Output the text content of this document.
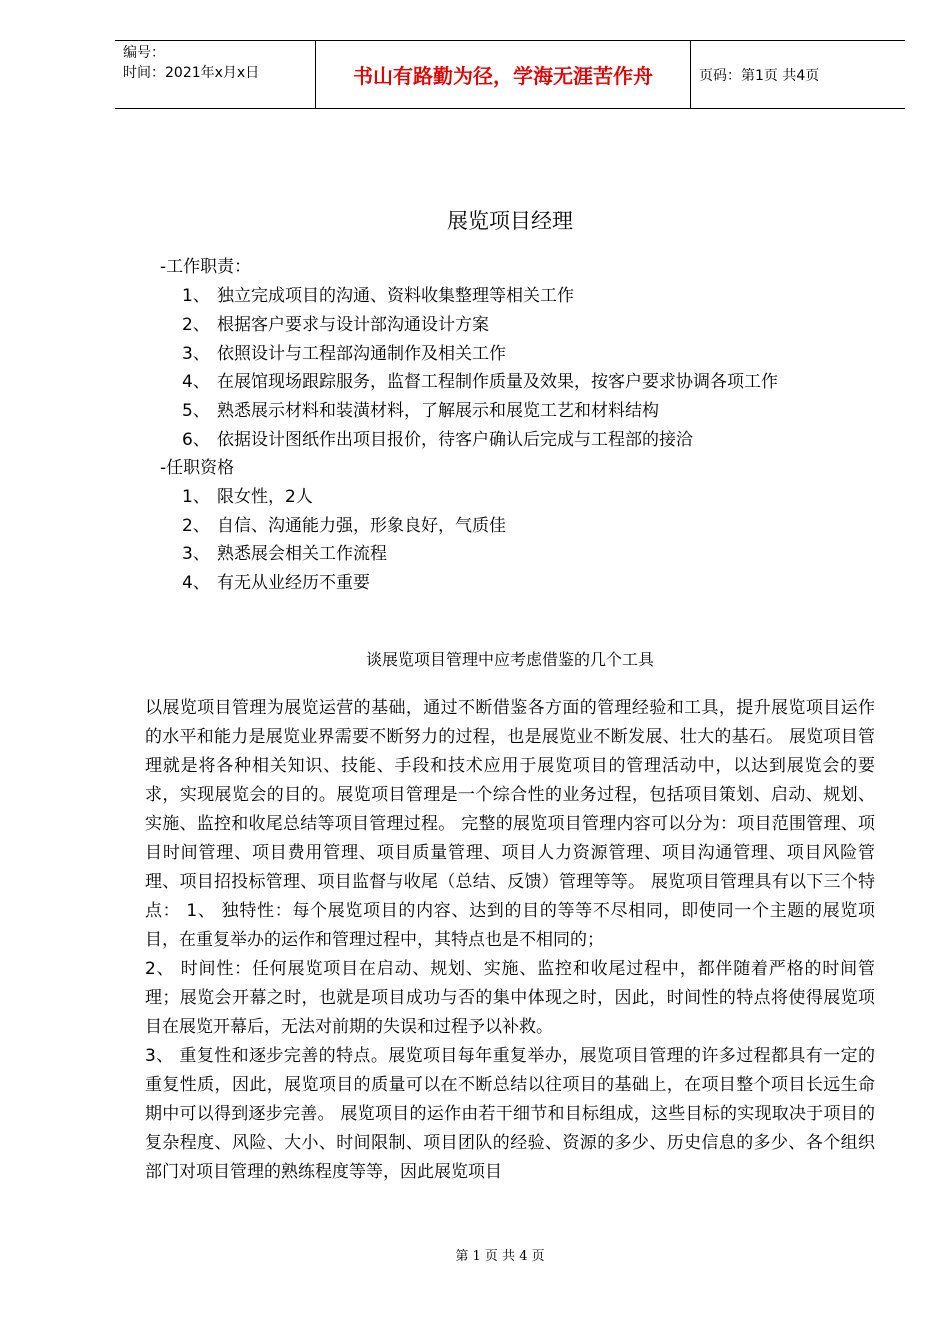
编号：
时间：2021年x月x日	书山有路勤为径，学海无涯苦作舟	页码：第1页 共4页
展览项目经理
-工作职责：
1、 独立完成项目的沟通、资料收集整理等相关工作
2、 根据客户要求与设计部沟通设计方案
3、 依照设计与工程部沟通制作及相关工作
4、 在展馆现场跟踪服务，监督工程制作质量及效果，按客户要求协调各项工作
5、 熟悉展示材料和装潢材料，了解展示和展览工艺和材料结构
6、 依据设计图纸作出项目报价，待客户确认后完成与工程部的接洽
-任职资格
1、 限女性，2人
2、 自信、沟通能力强，形象良好，气质佳
3、 熟悉展会相关工作流程
4、 有无从业经历不重要
谈展览项目管理中应考虑借鉴的几个工具

以展览项目管理为展览运营的基础，通过不断借鉴各方面的管理经验和工具，提升展览项目运作的水平和能力是展览业界需要不断努力的过程，也是展览业不断发展、壮大的基石。 展览项目管理就是将各种相关知识、技能、手段和技术应用于展览项目的管理活动中，以达到展览会的要求，实现展览会的目的。展览项目管理是一个综合性的业务过程，包括项目策划、启动、规划、实施、监控和收尾总结等项目管理过程。 完整的展览项目管理内容可以分为：项目范围管理、项目时间管理、项目费用管理、项目质量管理、项目人力资源管理、项目沟通管理、项目风险管理、项目招投标管理、项目监督与收尾（总结、反馈）管理等等。 展览项目管理具有以下三个特点： 1、 独特性：每个展览项目的内容、达到的目的等等不尽相同，即使同一个主题的展览项目，在重复举办的运作和管理过程中，其特点也是不相同的；

2、 时间性：任何展览项目在启动、规划、实施、监控和收尾过程中，都伴随着严格的时间管理；展览会开幕之时，也就是项目成功与否的集中体现之时，因此，时间性的特点将使得展览项目在展览开幕后，无法对前期的失误和过程予以补救。

3、 重复性和逐步完善的特点。展览项目每年重复举办，展览项目管理的许多过程都具有一定的重复性质，因此，展览项目的质量可以在不断总结以往项目的基础上，在项目整个项目长远生命期中可以得到逐步完善。 展览项目的运作由若干细节和目标组成，这些目标的实现取决于项目的复杂程度、风险、大小、时间限制、项目团队的经验、资源的多少、历史信息的多少、各个组织部门对项目管理的熟练程度等等，因此展览项目

第 1 页 共 4 页
